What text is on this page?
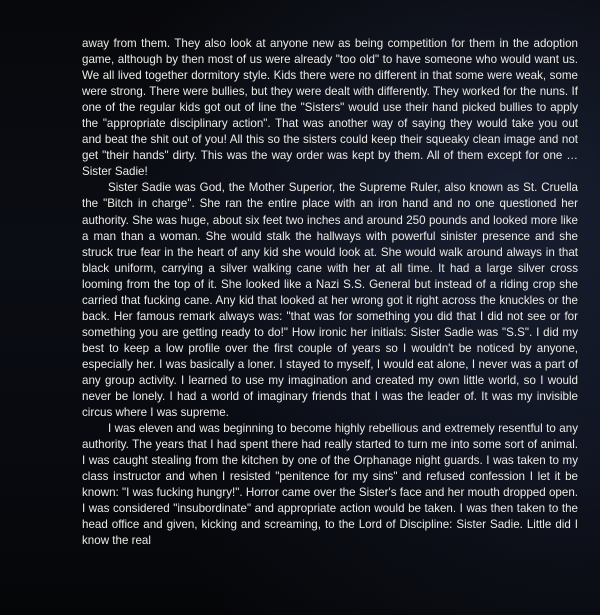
away from them. They also look at anyone new as being competition for them in the adoption game, although by then most of us were already "too old" to have someone who would want us. We all lived together dormitory style. Kids there were no different in that some were weak, some were strong. There were bullies, but they were dealt with differently. They worked for the nuns. If one of the regular kids got out of line the "Sisters" would use their hand picked bullies to apply the "appropriate disciplinary action". That was another way of saying they would take you out and beat the shit out of you! All this so the sisters could keep their squeaky clean image and not get "their hands" dirty. This was the way order was kept by them. All of them except for one … Sister Sadie!

Sister Sadie was God, the Mother Superior, the Supreme Ruler, also known as St. Cruella the "Bitch in charge". She ran the entire place with an iron hand and no one questioned her authority. She was huge, about six feet two inches and around 250 pounds and looked more like a man than a woman. She would stalk the hallways with powerful sinister presence and she struck true fear in the heart of any kid she would look at. She would walk around always in that black uniform, carrying a silver walking cane with her at all time. It had a large silver cross looming from the top of it. She looked like a Nazi S.S. General but instead of a riding crop she carried that fucking cane. Any kid that looked at her wrong got it right across the knuckles or the back. Her famous remark always was: "that was for something you did that I did not see or for something you are getting ready to do!" How ironic her initials: Sister Sadie was "S.S". I did my best to keep a low profile over the first couple of years so I wouldn't be noticed by anyone, especially her. I was basically a loner. I stayed to myself, I would eat alone, I never was a part of any group activity. I learned to use my imagination and created my own little world, so I would never be lonely. I had a world of imaginary friends that I was the leader of. It was my invisible circus where I was supreme.

I was eleven and was beginning to become highly rebellious and extremely resentful to any authority. The years that I had spent there had really started to turn me into some sort of animal. I was caught stealing from the kitchen by one of the Orphanage night guards. I was taken to my class instructor and when I resisted "penitence for my sins" and refused confession I let it be known: "I was fucking hungry!". Horror came over the Sister's face and her mouth dropped open. I was considered "insubordinate" and appropriate action would be taken. I was then taken to the head office and given, kicking and screaming, to the Lord of Discipline: Sister Sadie. Little did I know the real
